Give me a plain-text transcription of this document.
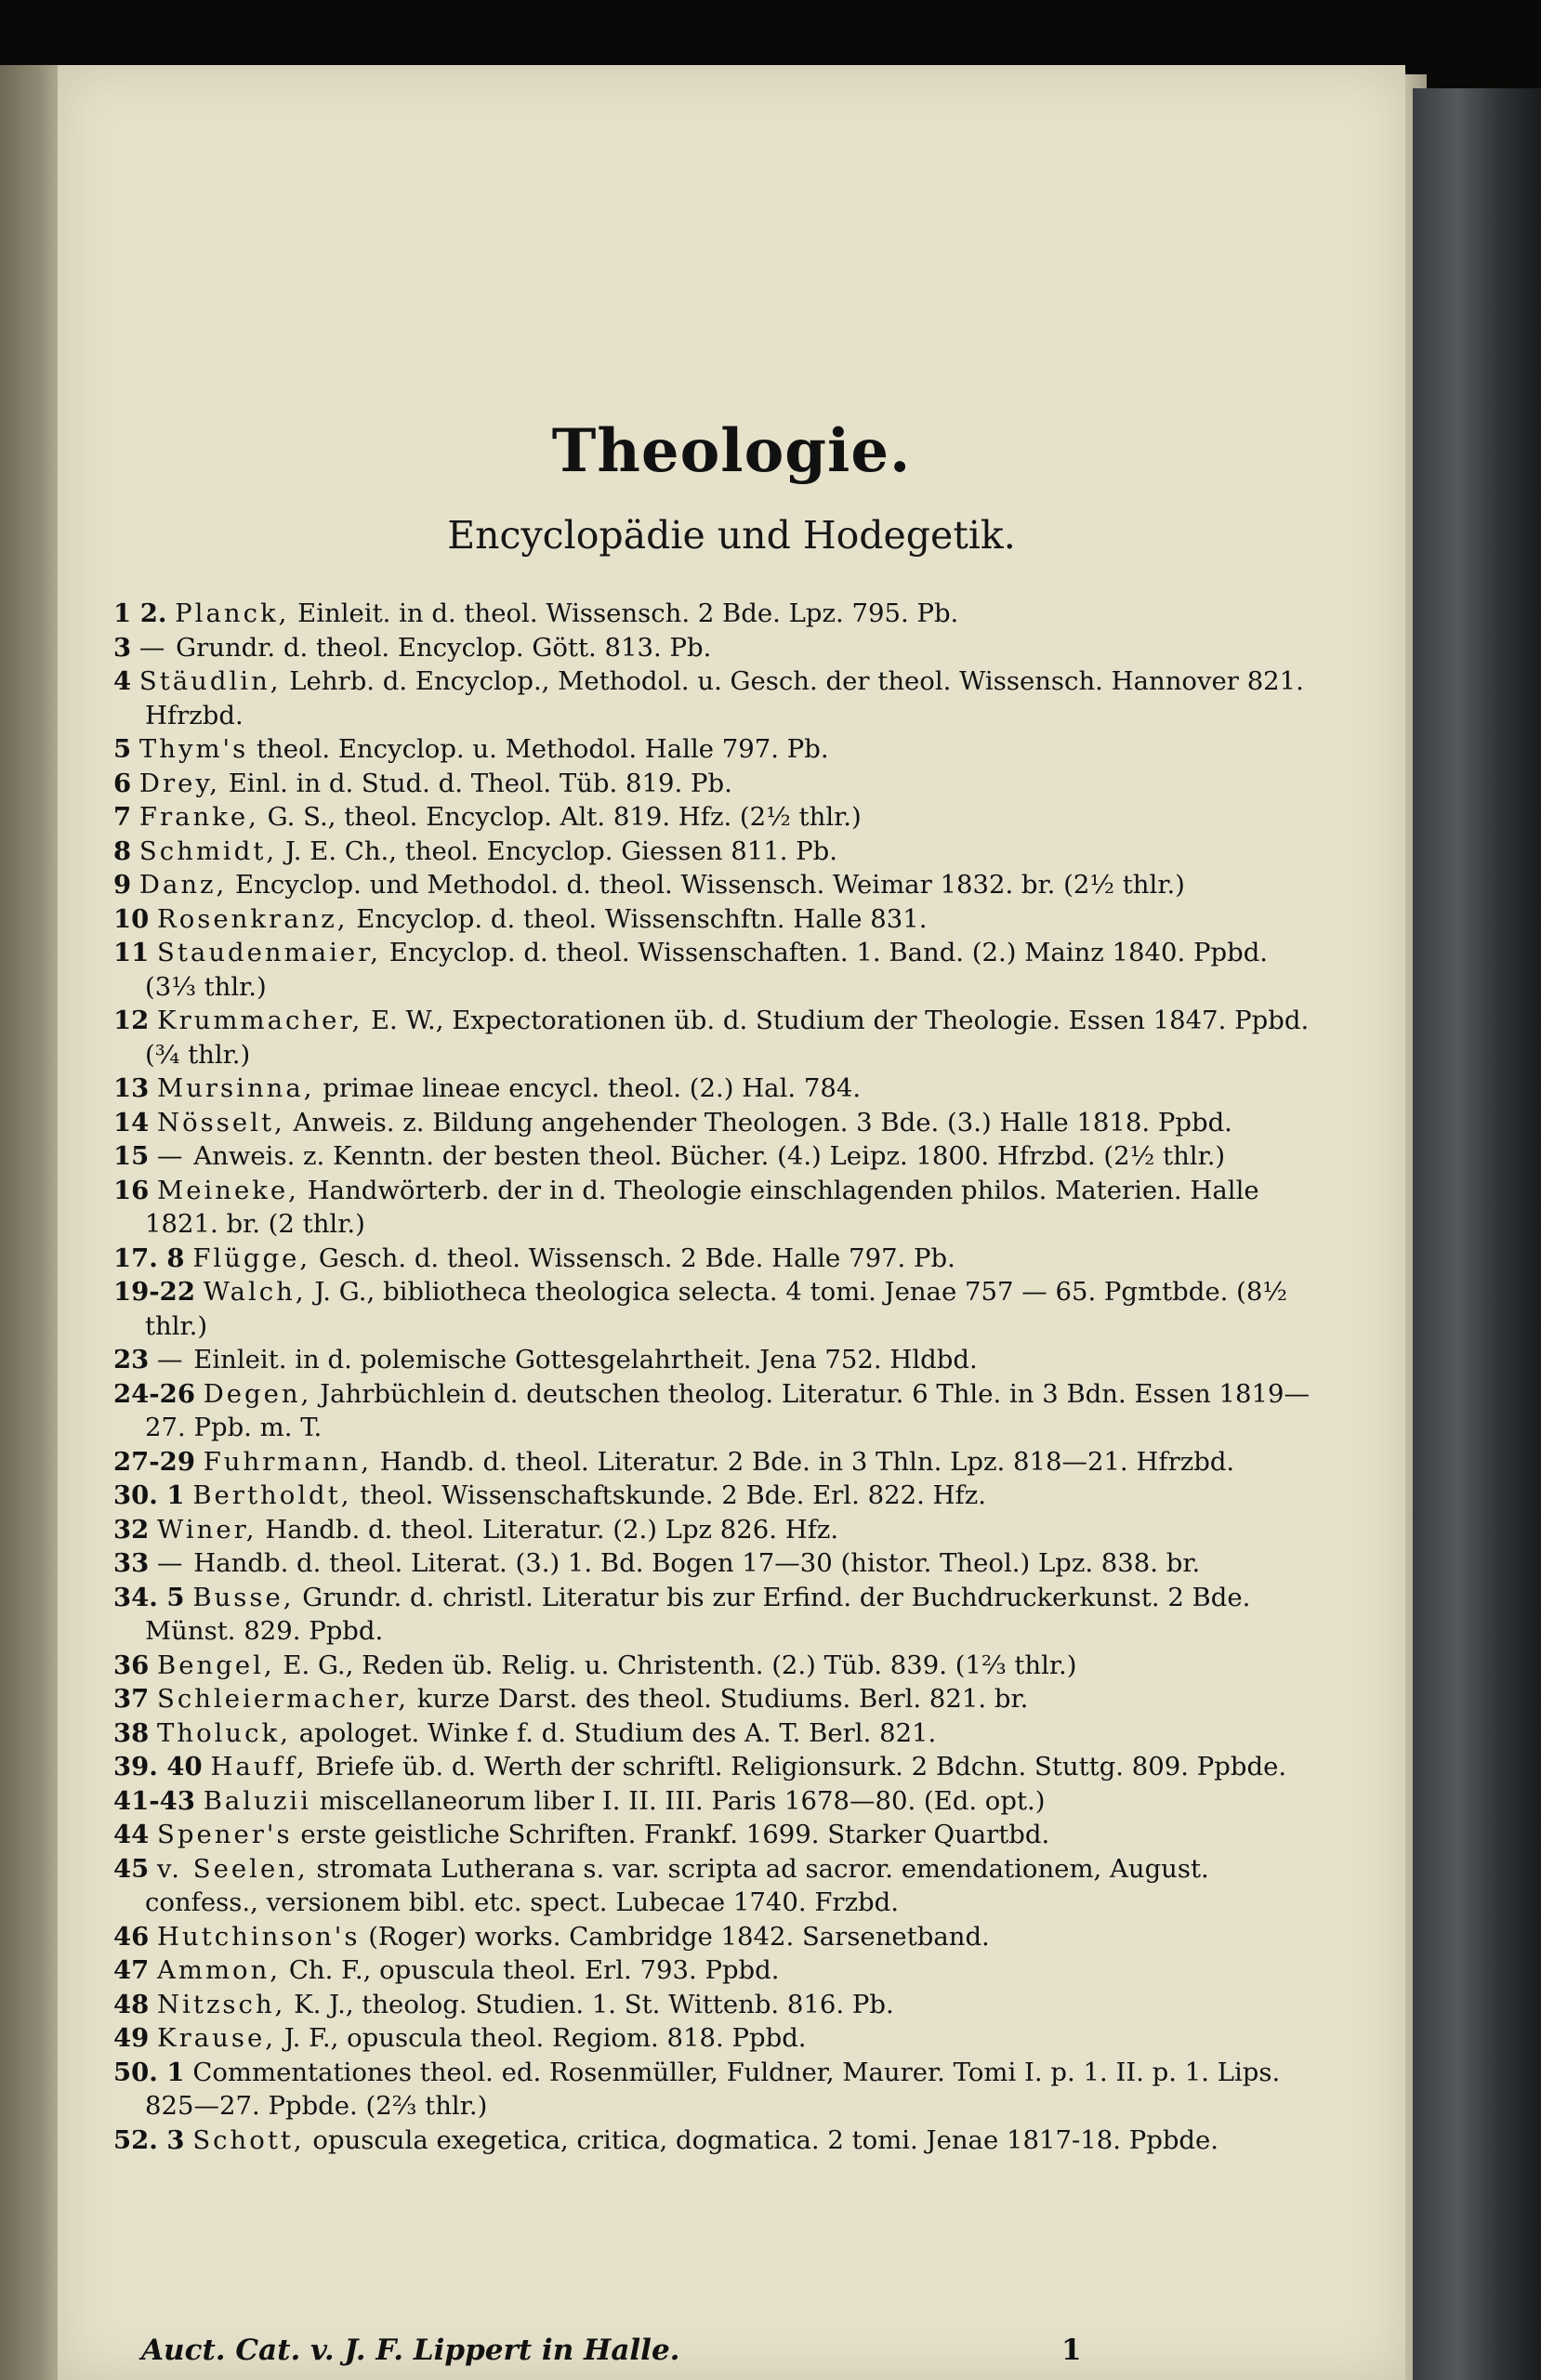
Theologie.
Encyclopädie und Hodegetik.
1 2. Planck, Einleit. in d. theol. Wissensch. 2 Bde. Lpz. 795. Pb.
3 — Grundr. d. theol. Encyclop. Gött. 813. Pb.
4 Stäudlin, Lehrb. d. Encyclop., Methodol. u. Gesch. der theol. Wissensch. Hannover 821. Hfrzbd.
5 Thym's theol. Encyclop. u. Methodol. Halle 797. Pb.
6 Drey, Einl. in d. Stud. d. Theol. Tüb. 819. Pb.
7 Franke, G. S., theol. Encyclop. Alt. 819. Hfz. (2½ thlr.)
8 Schmidt, J. E. Ch., theol. Encyclop. Giessen 811. Pb.
9 Danz, Encyclop. und Methodol. d. theol. Wissensch. Weimar 1832. br. (2½ thlr.)
10 Rosenkranz, Encyclop. d. theol. Wissenschftn. Halle 831.
11 Staudenmaier, Encyclop. d. theol. Wissenschaften. 1. Band. (2.) Mainz 1840. Ppbd. (3⅓ thlr.)
12 Krummacher, E. W., Expectorationen üb. d. Studium der Theologie. Essen 1847. Ppbd. (¾ thlr.)
13 Mursinna, primae lineae encycl. theol. (2.) Hal. 784.
14 Nösselt, Anweis. z. Bildung angehender Theologen. 3 Bde. (3.) Halle 1818. Ppbd.
15 — Anweis. z. Kenntn. der besten theol. Bücher. (4.) Leipz. 1800. Hfrzbd. (2½ thlr.)
16 Meineke, Handwörterb. der in d. Theologie einschlagenden philos. Materien. Halle 1821. br. (2 thlr.)
17. 8 Flügge, Gesch. d. theol. Wissensch. 2 Bde. Halle 797. Pb.
19-22 Walch, J. G., bibliotheca theologica selecta. 4 tomi. Jenae 757 — 65. Pgmtbde. (8½ thlr.)
23 — Einleit. in d. polemische Gottesgelahrtheit. Jena 752. Hldbd.
24-26 Degen, Jahrbüchlein d. deutschen theolog. Literatur. 6 Thle. in 3 Bdn. Essen 1819—27. Ppb. m. T.
27-29 Fuhrmann, Handb. d. theol. Literatur. 2 Bde. in 3 Thln. Lpz. 818—21. Hfrzbd.
30. 1 Bertholdt, theol. Wissenschaftskunde. 2 Bde. Erl. 822. Hfz.
32 Winer, Handb. d. theol. Literatur. (2.) Lpz 826. Hfz.
33 — Handb. d. theol. Literat. (3.) 1. Bd. Bogen 17—30 (histor. Theol.) Lpz. 838. br.
34. 5 Busse, Grundr. d. christl. Literatur bis zur Erfind. der Buchdruckerkunst. 2 Bde. Münst. 829. Ppbd.
36 Bengel, E. G., Reden üb. Relig. u. Christenth. (2.) Tüb. 839. (1⅔ thlr.)
37 Schleiermacher, kurze Darst. des theol. Studiums. Berl. 821. br.
38 Tholuck, apologet. Winke f. d. Studium des A. T. Berl. 821.
39. 40 Hauff, Briefe üb. d. Werth der schriftl. Religionsurk. 2 Bdchn. Stuttg. 809. Ppbde.
41-43 Baluzii miscellaneorum liber I. II. III. Paris 1678—80. (Ed. opt.)
44 Spener's erste geistliche Schriften. Frankf. 1699. Starker Quartbd.
45 v. Seelen, stromata Lutherana s. var. scripta ad sacror. emendationem, August. confess., versionem bibl. etc. spect. Lubecae 1740. Frzbd.
46 Hutchinson's (Roger) works. Cambridge 1842. Sarsenetband.
47 Ammon, Ch. F., opuscula theol. Erl. 793. Ppbd.
48 Nitzsch, K. J., theolog. Studien. 1. St. Wittenb. 816. Pb.
49 Krause, J. F., opuscula theol. Regiom. 818. Ppbd.
50. 1 Commentationes theol. ed. Rosenmüller, Fuldner, Maurer. Tomi I. p. 1. II. p. 1. Lips. 825—27. Ppbde. (2⅔ thlr.)
52. 3 Schott, opuscula exegetica, critica, dogmatica. 2 tomi. Jenae 1817-18. Ppbde.
Auct. Cat. v. J. F. Lippert in Halle.	1
